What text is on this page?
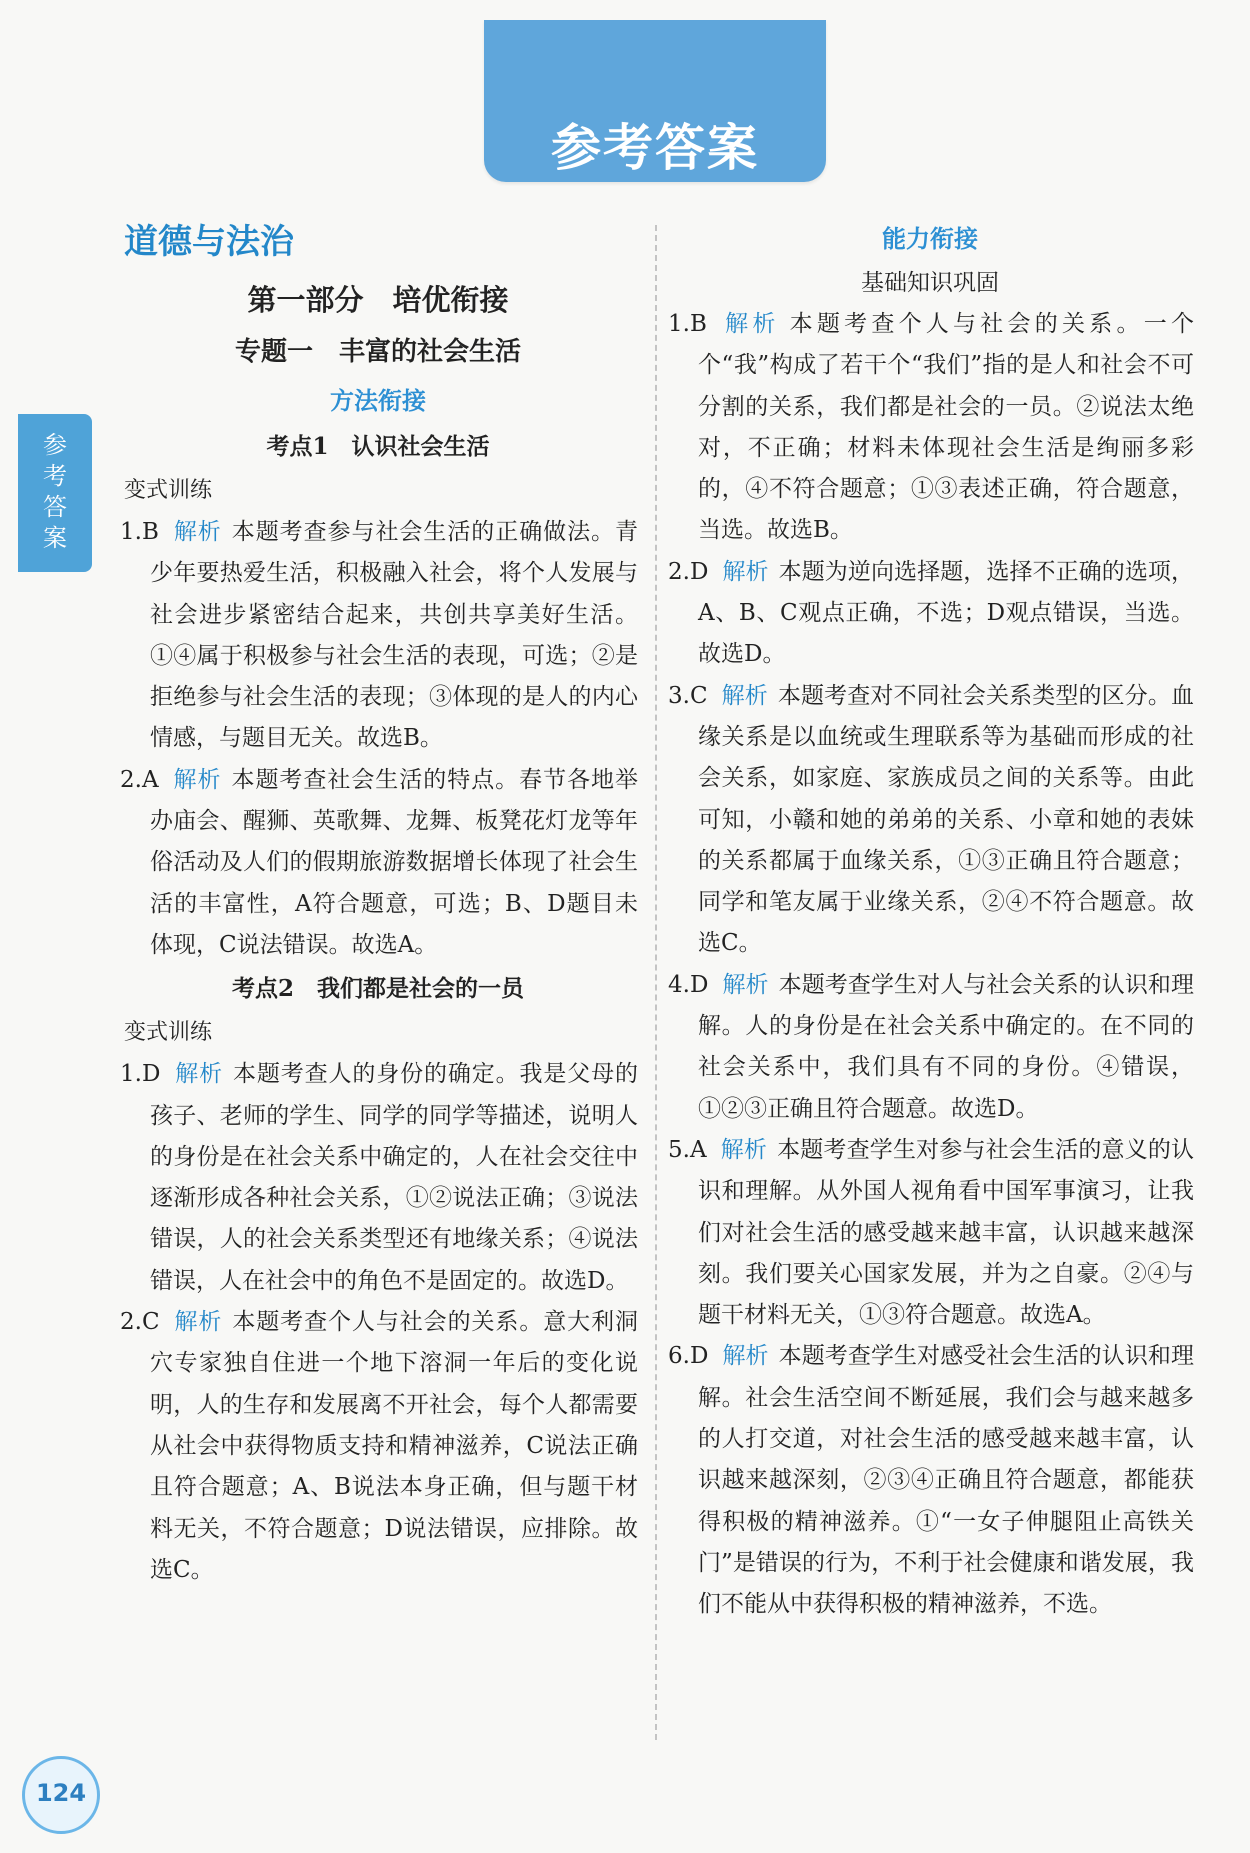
参考答案
参考答案
道德与法治
第一部分　培优衔接
专题一　丰富的社会生活
方法衔接
考点1　认识社会生活
变式训练
1.B 解析 本题考查参与社会生活的正确做法。青少年要热爱生活，积极融入社会，将个人发展与社会进步紧密结合起来，共创共享美好生活。①④属于积极参与社会生活的表现，可选；②是拒绝参与社会生活的表现；③体现的是人的内心情感，与题目无关。故选B。
2.A 解析 本题考查社会生活的特点。春节各地举办庙会、醒狮、英歌舞、龙舞、板凳花灯龙等年俗活动及人们的假期旅游数据增长体现了社会生活的丰富性，A符合题意，可选；B、D题目未体现，C说法错误。故选A。
考点2　我们都是社会的一员
变式训练
1.D 解析 本题考查人的身份的确定。我是父母的孩子、老师的学生、同学的同学等描述，说明人的身份是在社会关系中确定的，人在社会交往中逐渐形成各种社会关系，①②说法正确；③说法错误，人的社会关系类型还有地缘关系；④说法错误，人在社会中的角色不是固定的。故选D。
2.C 解析 本题考查个人与社会的关系。意大利洞穴专家独自住进一个地下溶洞一年后的变化说明，人的生存和发展离不开社会，每个人都需要从社会中获得物质支持和精神滋养，C说法正确且符合题意；A、B说法本身正确，但与题干材料无关，不符合题意；D说法错误，应排除。故选C。
能力衔接
基础知识巩固
1.B 解析 本题考查个人与社会的关系。一个个“我”构成了若干个“我们”指的是人和社会不可分割的关系，我们都是社会的一员。②说法太绝对，不正确；材料未体现社会生活是绚丽多彩的，④不符合题意；①③表述正确，符合题意，当选。故选B。
2.D 解析 本题为逆向选择题，选择不正确的选项，A、B、C观点正确，不选；D观点错误，当选。故选D。
3.C 解析 本题考查对不同社会关系类型的区分。血缘关系是以血统或生理联系等为基础而形成的社会关系，如家庭、家族成员之间的关系等。由此可知，小赣和她的弟弟的关系、小章和她的表妹的关系都属于血缘关系，①③正确且符合题意；同学和笔友属于业缘关系，②④不符合题意。故选C。
4.D 解析 本题考查学生对人与社会关系的认识和理解。人的身份是在社会关系中确定的。在不同的社会关系中，我们具有不同的身份。④错误，①②③正确且符合题意。故选D。
5.A 解析 本题考查学生对参与社会生活的意义的认识和理解。从外国人视角看中国军事演习，让我们对社会生活的感受越来越丰富，认识越来越深刻。我们要关心国家发展，并为之自豪。②④与题干材料无关，①③符合题意。故选A。
6.D 解析 本题考查学生对感受社会生活的认识和理解。社会生活空间不断延展，我们会与越来越多的人打交道，对社会生活的感受越来越丰富，认识越来越深刻，②③④正确且符合题意，都能获得积极的精神滋养。①“一女子伸腿阻止高铁关门”是错误的行为，不利于社会健康和谐发展，我们不能从中获得积极的精神滋养，不选。
124
